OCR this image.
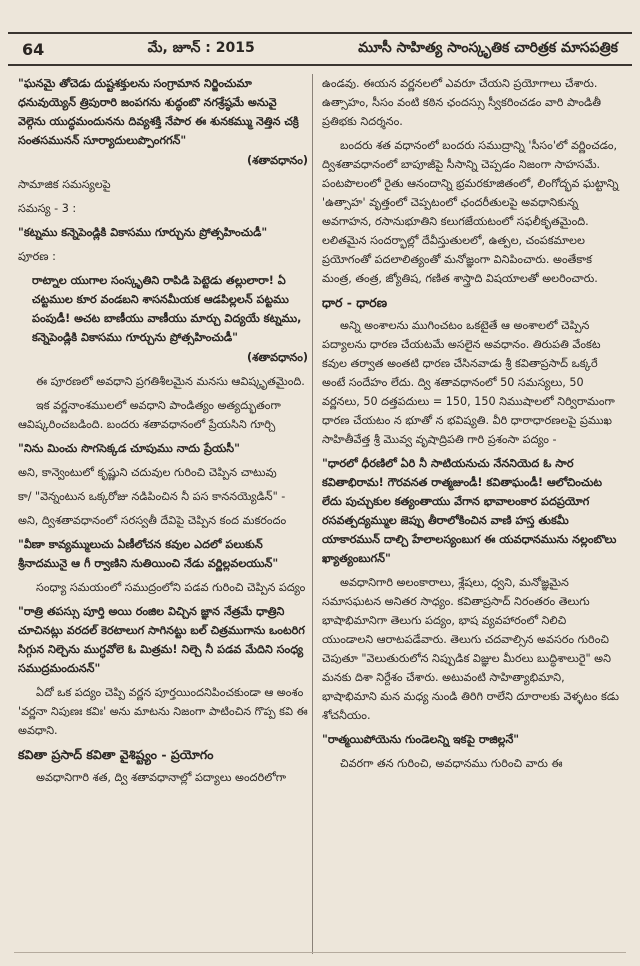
64	మే, జూన్ : 2015	మూసీ సాహిత్య సాంస్కృతిక చారిత్రక మాసపత్రిక

"ఘనమై తోచెడు దుష్టశక్తులను సంగ్రామాన నిర్జించుమా ధనువుయ్యెన్ త్రిపురారి జంపగను శుద్ధంబొ నగశ్రేష్ఠమే అనువై వెల్గెను యుద్ధమందునను దివ్యశక్తి నేపార ఈ శునకమ్ము నెత్తిన చక్రి సంతసమునన్ సూర్యాదులుప్పొంగగన్"

(శతావధానం)

సామాజిక సమస్యలపై

సమస్య - 3 :

"కట్నము కన్నెపెండ్లికి వికాసము గూర్చును ప్రోత్సహించుడీ"

పూరణ :

రాట్నాల యుగాల సంస్కృతిని రాపిడి పెట్టెడు తల్లులారా! ఏ చట్టముల కూర వండబని శాసనమీయక ఆడపిల్లలన్ పట్టము పంపుడీ! అచట బాణీయు వాణీయు మార్చు విద్యయే కట్నము, కన్నెపెండ్లికి వికాసము గూర్చును ప్రోత్సహించుడీ"

(శతావధానం)

ఈ పూరణలో అవధాని ప్రగతిశీలమైన మనసు ఆవిష్కృతమైంది.

ఇక వర్ణనాంశములలో అవధాని పాండిత్యం అత్యద్భుతంగా ఆవిష్కరించబడింది. బందరు శతావధానంలో ప్రేయసిని గూర్చి

"నిను మించు సొగసెక్కడ చూపుము నాదు ప్రేయసీ"

అని, కాన్వెంటులో కృష్ణుని చదువుల గురించి చెప్పిన చాటువు

కా/ "వెన్నంటున ఒక్కరోజు నడిపించిన నీ పస కాననయ్యెడిన్" -

అని, ద్విశతావధానంలో సరస్వతీ దేవిపై చెప్పిన కంద మకరందం

"వీణా కావ్యమ్ములుచు ఏణీలోచన కవుల ఎదలో పలుకున్ శ్రీనాదమునై ఆ గీ ర్వాణిని నుతియించి నేడు వర్ణిల్లవలయున్"

సంధ్యా సమయంలో సముద్రంలోని పడవ గురించి చెప్పిన పద్యం

"రాత్రి తపస్సు పూర్తి అయి రంజిల విచ్చిన జ్ఞాన నేత్రమే ధాత్రిని చూచినట్లు వరదల్ కెరటాలుగ సాగినట్టు బల్ చిత్రముగాను ఒంటరిగ సిగ్గున నిల్చెను ముగ్ధవోలె ఓ మిత్రమ! నిల్చె నీ పడవ మేదిని సంధ్య సముద్రమందునన్"

ఏదో ఒక పద్యం చెప్పి వర్ణన పూర్తయిందనిపించకుండా ఆ అంశం 'వర్ణనా నిపుణః కవిః' అను మాటను నిజంగా పాటించిన గొప్ప కవి ఈ అవధాని.

కవితా ప్రసాద్ కవితా వైశిష్ట్యం - ప్రయోగం

అవధానిగారి శత, ద్వి శతావధానాల్లో పద్యాలు అందరిలోగా

ఉండవు. ఈయన వర్ణనలలో ఎవరూ చేయని ప్రయోగాలు చేశారు. ఉత్సాహం, సీసం వంటి కఠిన ఛందస్సు స్వీకరించడం వారి పాండితీ ప్రతిభకు నిదర్శనం.

బందరు శత వధానంలో బందరు సముద్రాన్ని 'సీసం'లో వర్ణించడం, ద్విశతావధానంలో బాపూజీపై సీసాన్ని చెప్పడం నిజంగా సాహసమే. పంటపొలంలో రైతు ఆనందాన్ని భ్రమరకూజితంలో, లింగోద్భవ ఘట్టాన్ని 'ఉత్సాహ' వృత్తంలో చెప్పటంలో ఛందరీతులపై అవధానికున్న అవగాహన, రసానుభూతిని కలుగజేయటంలో సఫలీకృతమైంది. లలితమైన సందర్భాల్లో దేవీస్తుతులలో, ఉత్పల, చంపకమాలల ప్రయోగంతో పదలాలిత్యంతో మనోజ్ఞంగా వినిపించారు. అంతేకాక మంత్ర, తంత్ర, జ్యోతిష, గణిత శాస్త్రాది విషయాలతో అలరించారు.

ధార - ధారణ

అన్ని అంశాలను ముగించటం ఒకటైతే ఆ అంశాలలో చెప్పిన పద్యాలను ధారణ చేయటమే అసలైన అవధానం. తిరుపతి వేంకట కవుల తర్వాత అంతటి ధారణ చేసినవాడు శ్రీ కవితాప్రసాద్ ఒక్కరే అంటే సందేహం లేదు. ద్వి శతావధానంలో 50 సమస్యలు, 50 వర్ణనలు, 50 దత్తపదులు = 150, 150 నిముషాలలో నిర్విరామంగా ధారణ చేయటం న భూతో న భవిష్యతి. వీరి ధారాధారణలపై ప్రముఖ సాహితీవేత్త శ్రీ మొవ్వ వృషాద్రిపతి గారి ప్రశంసా పద్యం -

"ధారలో ధీరణిలో ఏరి నీ సాటియనుచు నేననియెద ఓ సార కవితాభిరామ! గౌరవనత రాత్మజుండీ! కవితాఘండీ! ఆలోచించుట లేదు పుచ్చుకుల కత్యంతాయు వేగాన భావాలంకార పదప్రయోగ రసవత్పద్యమ్ముల జెప్పు తీరాలోకించిన వాణి హస్త తుకమీ యాకారమున్ దాల్చి హేలాలస్యంబుగ ఈ యవధానమును నల్లంబొలు ఖ్యాత్యంబుగన్"

అవధానిగారి అలంకారాలు, శ్లేషలు, ధ్వని, మనోజ్ఞమైన సమాసఘటన అనితర సాధ్యం. కవితాప్రసాద్ నిరంతరం తెలుగు భాషాభిమానిగా తెలుగు పద్యం, భాష వ్యవహారంలో నిలిచి యుండాలని ఆరాటపడేవారు. తెలుగు చదవాల్సిన అవసరం గురించి చెపుతూ "వెలుతురులోన నిప్పుడిక విజ్ఞుల మీరలు బుద్ధిశాలురై" అని మనకు దిశా నిర్దేశం చేశారు. అటువంటి సాహిత్యాభిమాని, భాషాభిమాని మన మధ్య నుండి తిరిగి రాలేని దూరాలకు వెళ్ళటం కడు శోచనీయం.

"రాత్మయిపోయెను గుండెలన్ని ఇకపై రాజిల్లనే"

చివరగా తన గురించి, అవధానము గురించి వారు ఈ
